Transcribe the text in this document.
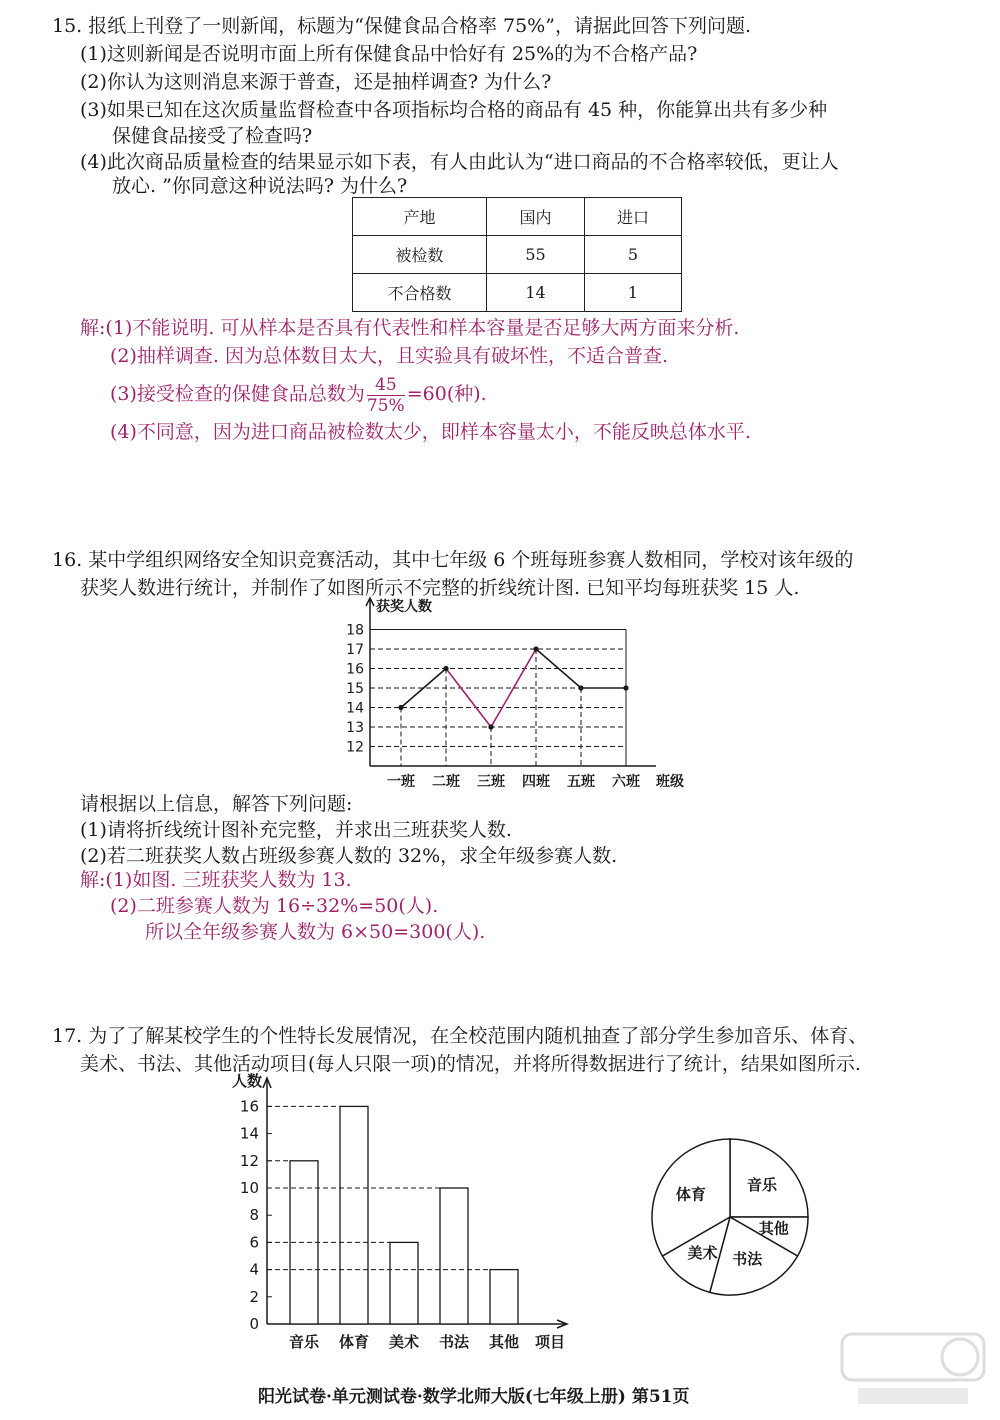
15. 报纸上刊登了一则新闻，标题为“保健食品合格率 75%”，请据此回答下列问题.
(1)这则新闻是否说明市面上所有保健食品中恰好有 25%的为不合格产品?
(2)你认为这则消息来源于普查，还是抽样调查? 为什么?
(3)如果已知在这次质量监督检查中各项指标均合格的商品有 45 种，你能算出共有多少种
保健食品接受了检查吗?
(4)此次商品质量检查的结果显示如下表，有人由此认为“进口商品的不合格率较低，更让人
放心. ”你同意这种说法吗? 为什么?
产地	国内	进口
被检数	55	5
不合格数	14	1
解:(1)不能说明. 可从样本是否具有代表性和样本容量是否足够大两方面来分析.
(2)抽样调查. 因为总体数目太大，且实验具有破坏性，不适合普查.
(3)接受检查的保健食品总数为 $\frac{45}{75\%} =60$(种).
(4)不同意，因为进口商品被检数太少，即样本容量太小，不能反映总体水平.
16. 某中学组织网络安全知识竞赛活动，其中七年级 6 个班每班参赛人数相同，学校对该年级的
获奖人数进行统计，并制作了如图所示不完整的折线统计图. 已知平均每班获奖 15 人.
获奖人数
12
13
14
15
16
17
18
一班 二班 三班 四班 五班 六班 班级
请根据以上信息，解答下列问题:
(1)请将折线统计图补充完整，并求出三班获奖人数.
(2)若二班获奖人数占班级参赛人数的 32%，求全年级参赛人数.
解:(1)如图. 三班获奖人数为 13.
(2)二班参赛人数为 16÷32%=50(人).
所以全年级参赛人数为 6×50=300(人).
17. 为了了解某校学生的个性特长发展情况，在全校范围内随机抽查了部分学生参加音乐、体育、
美术、书法、其他活动项目(每人只限一项)的情况，并将所得数据进行了统计，结果如图所示.
人数
0
2
4
6
8
10
12
14
16
音乐 体育 美术 书法 其他 项目
音乐
其他
书法
美术
体育
阳光试卷·单元测试卷·数学北师大版(七年级上册) 第51页
